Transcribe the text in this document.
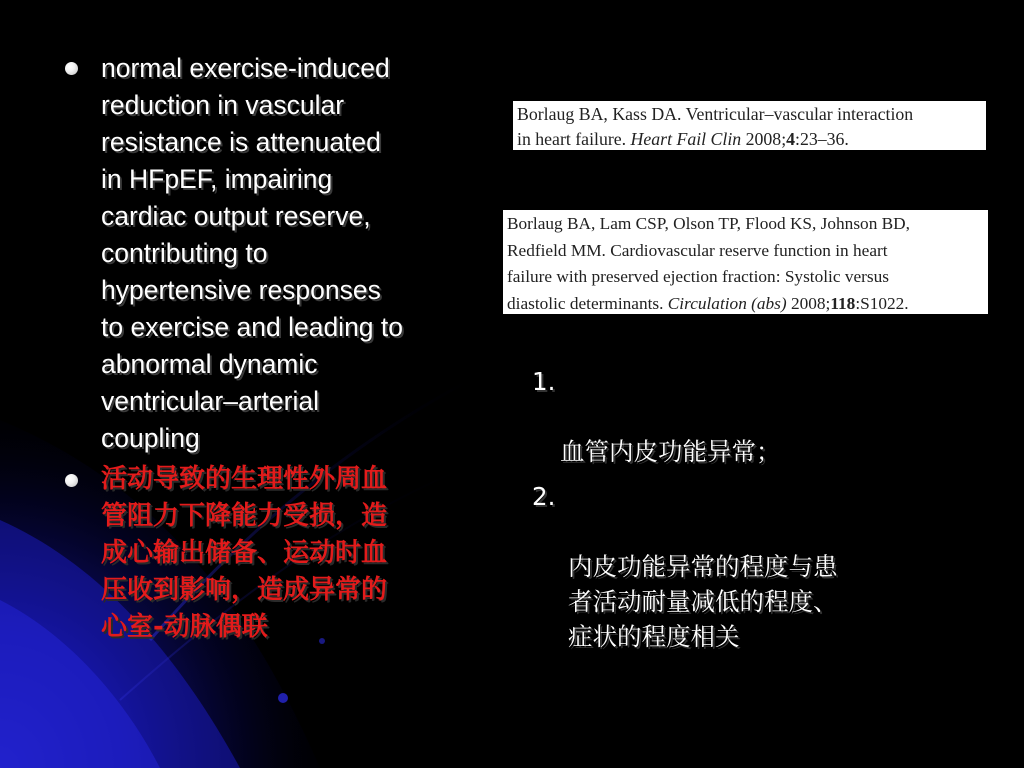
normal exercise-induced
reduction in vascular
resistance is attenuated
in HFpEF, impairing
cardiac output reserve,
contributing to
hypertensive responses
to exercise and leading to
abnormal dynamic
ventricular–arterial
coupling
活动导致的生理性外周血
管阻力下降能力受损，造
成心输出储备、运动时血
压收到影响，造成异常的
心室-动脉偶联
Borlaug BA, Kass DA. Ventricular–vascular interaction
in heart failure. Heart Fail Clin 2008;4:23–36.
Borlaug BA, Lam CSP, Olson TP, Flood KS, Johnson BD,
Redfield MM. Cardiovascular reserve function in heart
failure with preserved ejection fraction: Systolic versus
diastolic determinants. Circulation (abs) 2008;118:S1022.

1.

血管内皮功能异常；

2.

内皮功能异常的程度与患
者活动耐量减低的程度、
症状的程度相关
